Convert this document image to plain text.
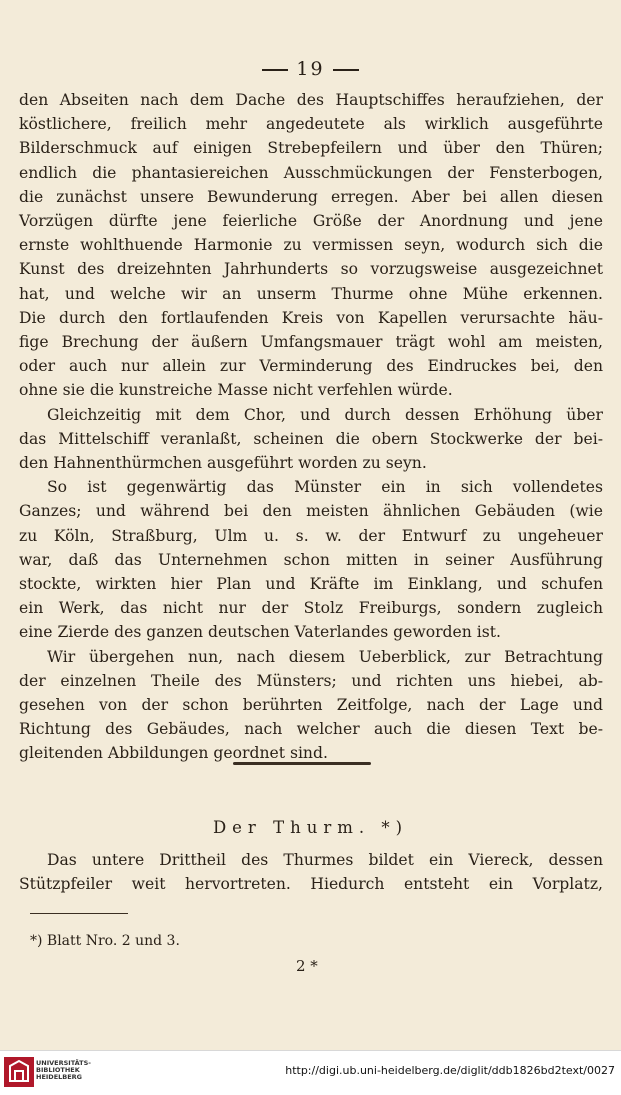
19
den Abseiten nach dem Dache des Hauptschiffes heraufziehen, der
köstlichere, freilich mehr angedeutete als wirklich ausgeführte
Bilderschmuck auf einigen Strebepfeilern und über den Thüren;
endlich die phantasiereichen Ausschmückungen der Fensterbogen,
die zunächst unsere Bewunderung erregen. Aber bei allen diesen
Vorzügen dürfte jene feierliche Größe der Anordnung und jene
ernste wohlthuende Harmonie zu vermissen seyn, wodurch sich die
Kunst des dreizehnten Jahrhunderts so vorzugsweise ausgezeichnet
hat, und welche wir an unserm Thurme ohne Mühe erkennen.
Die durch den fortlaufenden Kreis von Kapellen verursachte häu-
fige Brechung der äußern Umfangsmauer trägt wohl am meisten,
oder auch nur allein zur Verminderung des Eindruckes bei, den
ohne sie die kunstreiche Masse nicht verfehlen würde.
Gleichzeitig mit dem Chor, und durch dessen Erhöhung über
das Mittelschiff veranlaßt, scheinen die obern Stockwerke der bei-
den Hahnenthürmchen ausgeführt worden zu seyn.
So ist gegenwärtig das Münster ein in sich vollendetes
Ganzes; und während bei den meisten ähnlichen Gebäuden (wie
zu Köln, Straßburg, Ulm u. s. w. der Entwurf zu ungeheuer
war, daß das Unternehmen schon mitten in seiner Ausführung
stockte, wirkten hier Plan und Kräfte im Einklang, und schufen
ein Werk, das nicht nur der Stolz Freiburgs, sondern zugleich
eine Zierde des ganzen deutschen Vaterlandes geworden ist.
Wir übergehen nun, nach diesem Ueberblick, zur Betrachtung
der einzelnen Theile des Münsters; und richten uns hiebei, ab-
gesehen von der schon berührten Zeitfolge, nach der Lage und
Richtung des Gebäudes, nach welcher auch die diesen Text be-
gleitenden Abbildungen geordnet sind.
Der Thurm. *)
Das untere Drittheil des Thurmes bildet ein Viereck, dessen
Stützpfeiler weit hervortreten. Hiedurch entsteht ein Vorplatz,
*) Blatt Nro. 2 und 3.
2 *
UNIVERSITÄTS-
BIBLIOTHEK
HEIDELBERG
http://digi.ub.uni-heidelberg.de/diglit/ddb1826bd2text/0027
